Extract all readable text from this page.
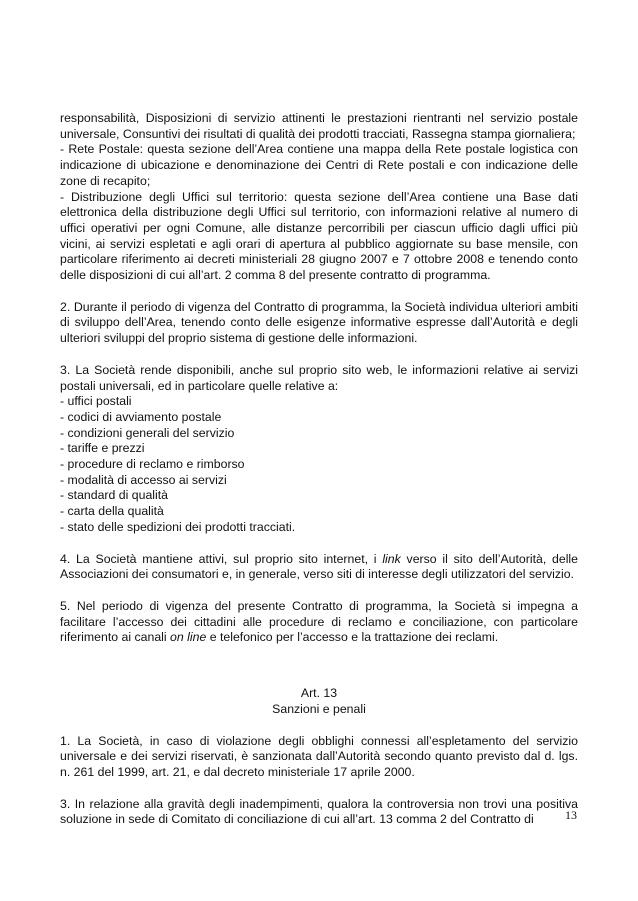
responsabilità, Disposizioni di servizio attinenti le prestazioni rientranti nel servizio postale universale, Consuntivi dei risultati di qualità dei prodotti tracciati, Rassegna stampa giornaliera;

- Rete Postale: questa sezione dell’Area contiene una mappa della Rete postale logistica con indicazione di ubicazione e denominazione dei Centri di Rete postali e con indicazione delle zone di recapito;

- Distribuzione degli Uffici sul territorio: questa sezione dell’Area contiene una Base dati elettronica della distribuzione degli Uffici sul territorio, con informazioni relative al numero di uffici operativi per ogni Comune, alle distanze percorribili per ciascun ufficio dagli uffici più vicini, ai servizi espletati e agli orari di apertura al pubblico aggiornate su base mensile, con particolare riferimento ai decreti ministeriali 28 giugno 2007 e 7 ottobre 2008 e tenendo conto delle disposizioni di cui all’art. 2 comma 8 del presente contratto di programma.

2. Durante il periodo di vigenza del Contratto di programma, la Società individua ulteriori ambiti di sviluppo dell’Area, tenendo conto delle esigenze informative espresse dall’Autorità e degli ulteriori sviluppi del proprio sistema di gestione delle informazioni.

3. La Società rende disponibili, anche sul proprio sito web, le informazioni relative ai servizi postali universali, ed in particolare quelle relative a:

- uffici postali

- codici di avviamento postale

- condizioni generali del servizio

- tariffe e prezzi

- procedure di reclamo e rimborso

- modalità di accesso ai servizi

- standard di qualità

- carta della qualità

- stato delle spedizioni dei prodotti tracciati.

4. La Società mantiene attivi, sul proprio sito internet, i link verso il sito dell’Autorità, delle Associazioni dei consumatori e, in generale, verso siti di interesse degli utilizzatori del servizio.

5. Nel periodo di vigenza del presente Contratto di programma, la Società si impegna a facilitare l’accesso dei cittadini alle procedure di reclamo e conciliazione, con particolare riferimento ai canali on line e telefonico per l’accesso e la trattazione dei reclami.

Art. 13

Sanzioni e penali

1. La Società, in caso di violazione degli obblighi connessi all’espletamento del servizio universale e dei servizi riservati, è sanzionata dall’Autorità secondo quanto previsto dal d. lgs. n. 261 del 1999, art. 21, e dal decreto ministeriale 17 aprile 2000.

3. In relazione alla gravità degli inadempimenti, qualora la controversia non trovi una positiva soluzione in sede di Comitato di conciliazione di cui all’art. 13 comma 2 del Contratto di	13
